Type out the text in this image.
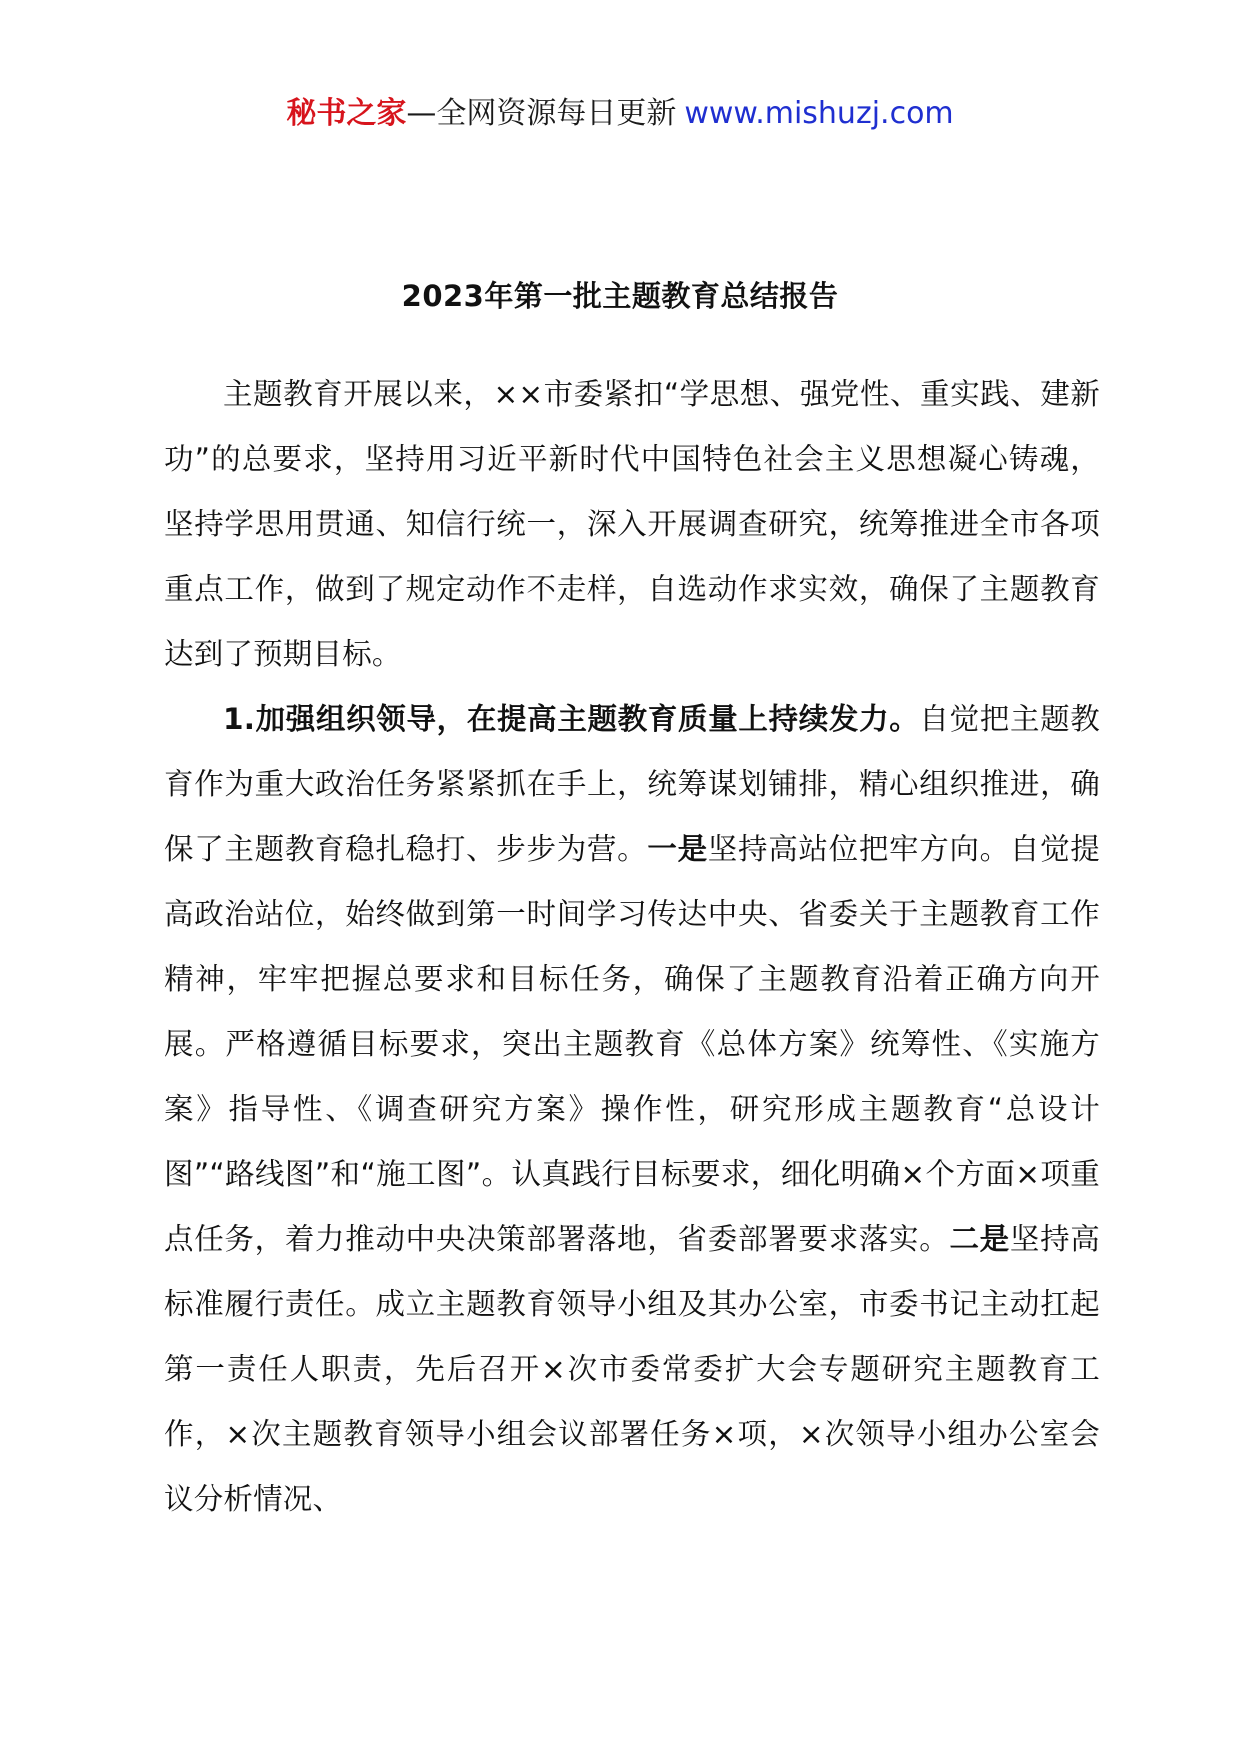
秘书之家—全网资源每日更新 www.mishuzj.com
2023年第一批主题教育总结报告

主题教育开展以来，××市委紧扣“学思想、强党性、重实践、建新功”的总要求，坚持用习近平新时代中国特色社会主义思想凝心铸魂，坚持学思用贯通、知信行统一，深入开展调查研究，统筹推进全市各项重点工作，做到了规定动作不走样，自选动作求实效，确保了主题教育达到了预期目标。

1.加强组织领导，在提高主题教育质量上持续发力。自觉把主题教育作为重大政治任务紧紧抓在手上，统筹谋划铺排，精心组织推进，确保了主题教育稳扎稳打、步步为营。一是坚持高站位把牢方向。自觉提高政治站位，始终做到第一时间学习传达中央、省委关于主题教育工作精神，牢牢把握总要求和目标任务，确保了主题教育沿着正确方向开展。严格遵循目标要求，突出主题教育《总体方案》统筹性、《实施方案》指导性、《调查研究方案》操作性，研究形成主题教育“总设计图”“路线图”和“施工图”。认真践行目标要求，细化明确×个方面×项重点任务，着力推动中央决策部署落地，省委部署要求落实。二是坚持高标准履行责任。成立主题教育领导小组及其办公室，市委书记主动扛起第一责任人职责，先后召开×次市委常委扩大会专题研究主题教育工作，×次主题教育领导小组会议部署任务×项，×次领导小组办公室会议分析情况、
